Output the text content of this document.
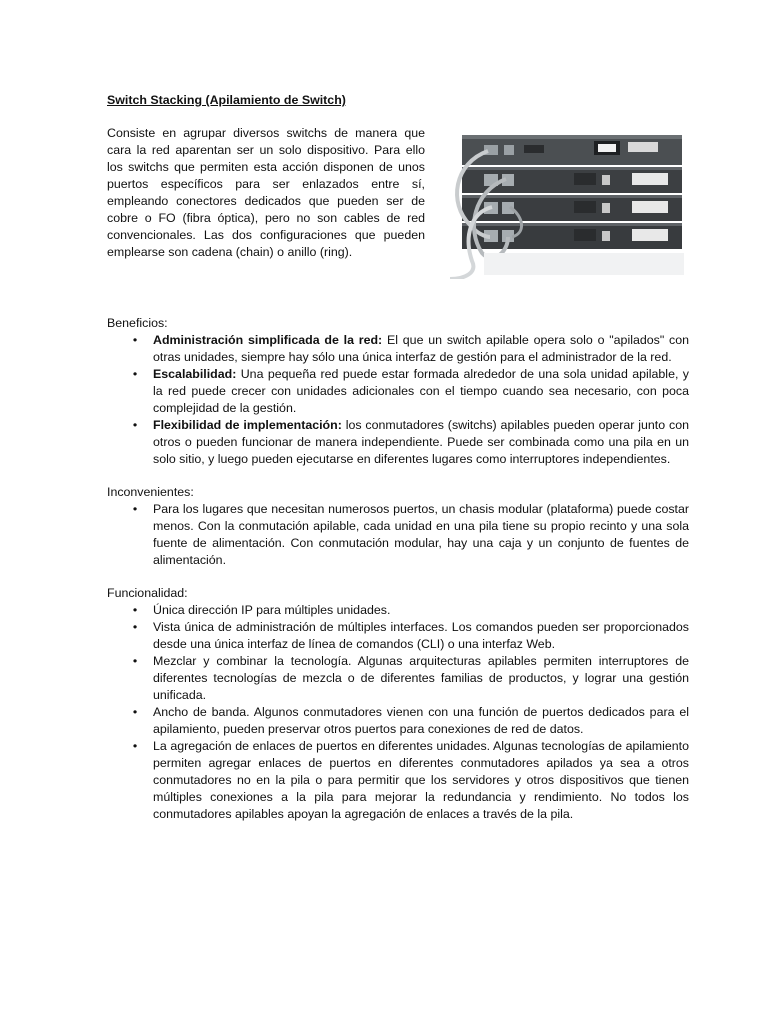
Switch Stacking (Apilamiento de Switch)

Consiste en agrupar diversos switchs de manera que cara la red aparentan ser un solo dispositivo. Para ello los switchs que permiten esta acción disponen de unos puertos específicos para ser enlazados entre sí, empleando conectores dedicados que pueden ser de cobre o FO (fibra óptica), pero no son cables de red convencionales. Las dos configuraciones que pueden emplearse son cadena (chain) o anillo (ring).

Beneficios:

• Administración simplificada de la red: El que un switch apilable opera solo o "apilados" con otras unidades, siempre hay sólo una única interfaz de gestión para el administrador de la red.
• Escalabilidad: Una pequeña red puede estar formada alrededor de una sola unidad apilable, y la red puede crecer con unidades adicionales con el tiempo cuando sea necesario, con poca complejidad de la gestión.
• Flexibilidad de implementación: los conmutadores (switchs) apilables pueden operar junto con otros o pueden funcionar de manera independiente. Puede ser combinada como una pila en un solo sitio, y luego pueden ejecutarse en diferentes lugares como interruptores independientes.

Inconvenientes:

• Para los lugares que necesitan numerosos puertos, un chasis modular (plataforma) puede costar menos. Con la conmutación apilable, cada unidad en una pila tiene su propio recinto y una sola fuente de alimentación. Con conmutación modular, hay una caja y un conjunto de fuentes de alimentación.

Funcionalidad:

• Única dirección IP para múltiples unidades.
• Vista única de administración de múltiples interfaces. Los comandos pueden ser proporcionados desde una única interfaz de línea de comandos (CLI) o una interfaz Web.
• Mezclar y combinar la tecnología. Algunas arquitecturas apilables permiten interruptores de diferentes tecnologías de mezcla o de diferentes familias de productos, y lograr una gestión unificada.
• Ancho de banda. Algunos conmutadores vienen con una función de puertos dedicados para el apilamiento, pueden preservar otros puertos para conexiones de red de datos.
• La agregación de enlaces de puertos en diferentes unidades. Algunas tecnologías de apilamiento permiten agregar enlaces de puertos en diferentes conmutadores apilados ya sea a otros conmutadores no en la pila o para permitir que los servidores y otros dispositivos que tienen múltiples conexiones a la pila para mejorar la redundancia y rendimiento. No todos los conmutadores apilables apoyan la agregación de enlaces a través de la pila.
